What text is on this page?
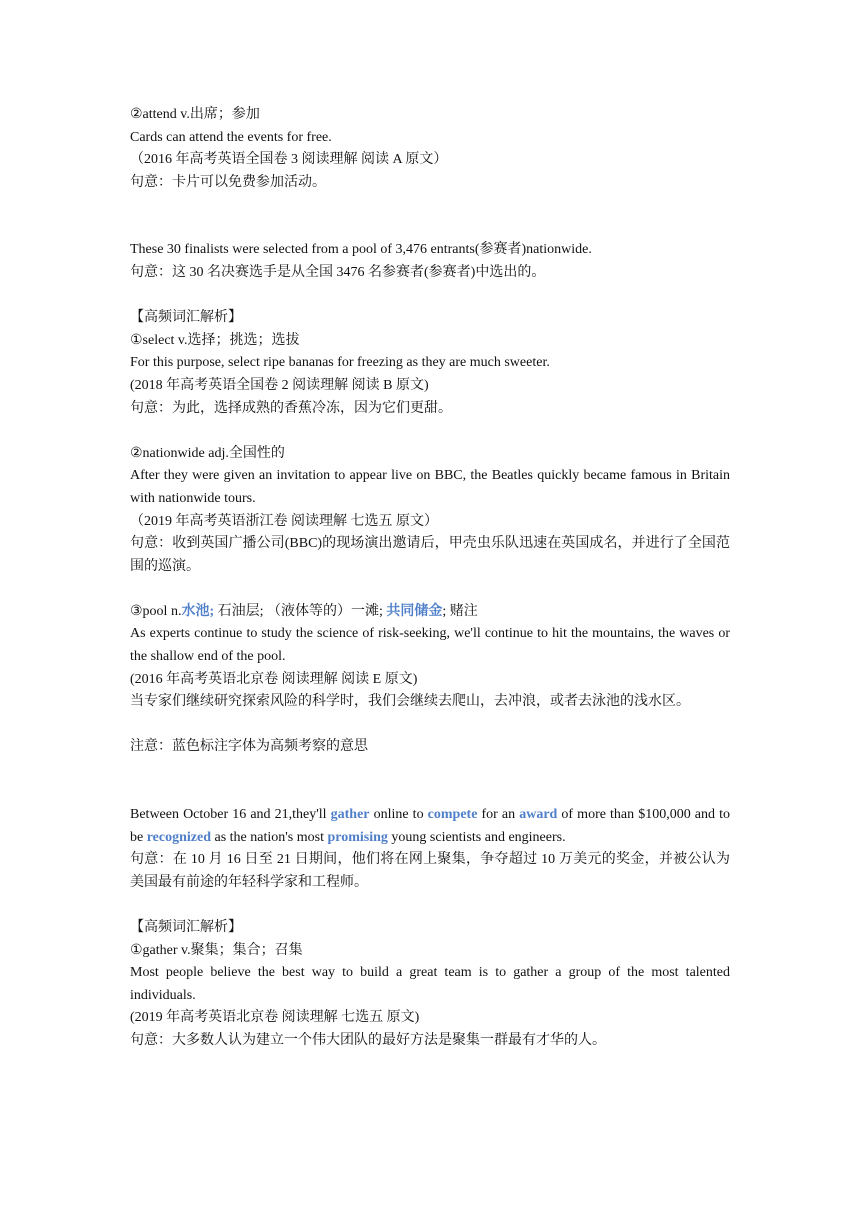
②attend v.出席；参加

Cards can attend the events for free.

（2016 年高考英语全国卷 3 阅读理解 阅读 A 原文）

句意：卡片可以免费参加活动。

These 30 finalists were selected from a pool of 3,476 entrants(参赛者)nationwide.

句意：这 30 名决赛选手是从全国 3476 名参赛者(参赛者)中选出的。

【高频词汇解析】

①select v.选择；挑选；选拔

For this purpose, select ripe bananas for freezing as they are much sweeter.

(2018 年高考英语全国卷 2 阅读理解 阅读 B 原文)

句意：为此，选择成熟的香蕉冷冻，因为它们更甜。

②nationwide adj.全国性的

After they were given an invitation to appear live on BBC, the Beatles quickly became famous in Britain with nationwide tours.

（2019 年高考英语浙江卷 阅读理解 七选五 原文）

句意：收到英国广播公司(BBC)的现场演出邀请后，甲壳虫乐队迅速在英国成名，并进行了全国范围的巡演。

③pool n.水池; 石油层; （液体等的）一滩; 共同储金; 赌注

As experts continue to study the science of risk-seeking, we'll continue to hit the mountains, the waves or the shallow end of the pool.

(2016 年高考英语北京卷 阅读理解 阅读 E 原文)

当专家们继续研究探索风险的科学时，我们会继续去爬山，去冲浪，或者去泳池的浅水区。

注意：蓝色标注字体为高频考察的意思

Between October 16 and 21,they'll gather online to compete for an award of more than $100,000 and to be recognized as the nation's most promising young scientists and engineers.

句意：在 10 月 16 日至 21 日期间，他们将在网上聚集，争夺超过 10 万美元的奖金，并被公认为美国最有前途的年轻科学家和工程师。

【高频词汇解析】

①gather v.聚集；集合；召集

Most people believe the best way to build a great team is to gather a group of the most talented individuals.

(2019 年高考英语北京卷 阅读理解 七选五 原文)

句意：大多数人认为建立一个伟大团队的最好方法是聚集一群最有才华的人。
